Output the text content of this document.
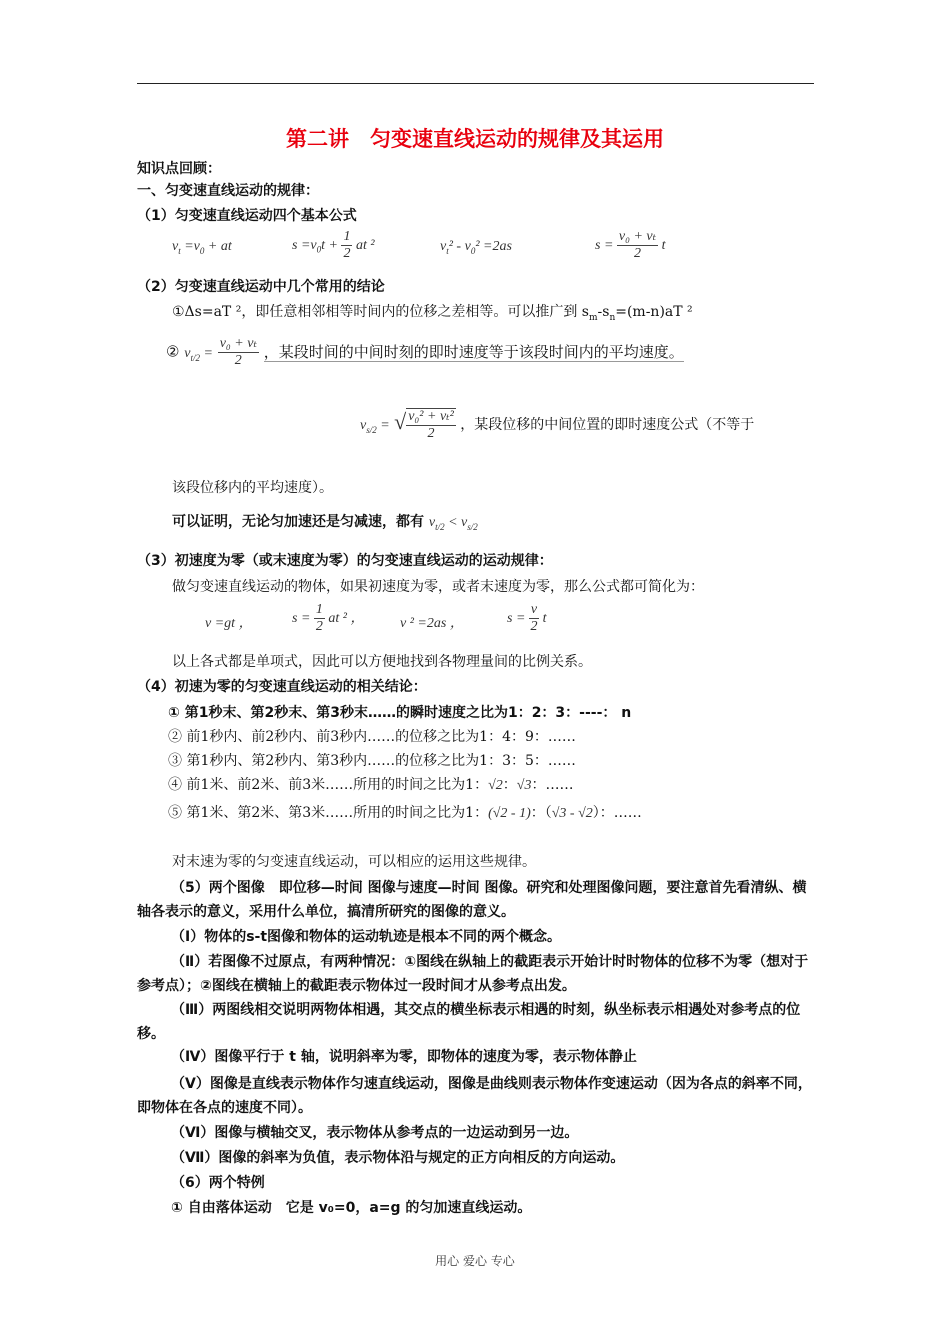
第二讲　匀变速直线运动的规律及其运用
知识点回顾：
一、匀变速直线运动的规律：
（1）匀变速直线运动四个基本公式
$v_t =v_0$ + at	$s =v_0t + \frac{1}{2}$ at ²	$v_t^2 - v_0^2 =2as$	$s = \frac{\text{v₀ + vₜ}}{2}$ t
（2）匀变速直线运动中几个常用的结论
①Δs=aT ²，即任意相邻相等时间内的位移之差相等。可以推广到 $s_m-s_n=(m-n)aT$ ²
② $v_{t/2} = \frac{\text{v₀ + vₜ}}{2}$ ，某段时间的中间时刻的即时速度等于该段时间内的平均速度。
$v_{s/2}$ = √ $\frac{\text{v₀² + vₜ²}}{2}$ ，某段位移的中间位置的即时速度公式（不等于
该段位移内的平均速度）。
可以证明，无论匀加速还是匀减速，都有 $v_{t/2} < v_{s/2}$
（3）初速度为零（或末速度为零）的匀变速直线运动的运动规律：
做匀变速直线运动的物体，如果初速度为零，或者末速度为零，那么公式都可简化为：
v =gt ，	$s = \frac{1}{2}$ at ² ，	v ² =2as ，	$s = \frac{v}{2}$ t
以上各式都是单项式，因此可以方便地找到各物理量间的比例关系。
（4）初速为零的匀变速直线运动的相关结论：
① 第1秒末、第2秒末、第3秒末……的瞬时速度之比为1：2：3：----： n
② 前1秒内、前2秒内、前3秒内……的位移之比为1：4：9：……
③ 第1秒内、第2秒内、第3秒内……的位移之比为1：3：5：……
④ 前1米、前2米、前3米……所用的时间之比为1：√2：√3：……
⑤ 第1米、第2米、第3米……所用的时间之比为1：(√2 - 1)：（√3 - √2）：……
对末速为零的匀变速直线运动，可以相应的运用这些规律。
（5）两个图像　即位移—时间 图像与速度—时间 图像。研究和处理图像问题，要注意首先看清纵、横轴各表示的意义，采用什么单位，搞清所研究的图像的意义。
（Ⅰ）物体的s-t图像和物体的运动轨迹是根本不同的两个概念。
（Ⅱ）若图像不过原点，有两种情况：①图线在纵轴上的截距表示开始计时时物体的位移不为零（想对于参考点）；②图线在横轴上的截距表示物体过一段时间才从参考点出发。
（Ⅲ）两图线相交说明两物体相遇，其交点的横坐标表示相遇的时刻，纵坐标表示相遇处对参考点的位移。
（Ⅳ）图像平行于 t 轴，说明斜率为零，即物体的速度为零，表示物体静止
（Ⅴ）图像是直线表示物体作匀速直线运动，图像是曲线则表示物体作变速运动（因为各点的斜率不同，即物体在各点的速度不同）。
（Ⅵ）图像与横轴交叉，表示物体从参考点的一边运动到另一边。
（Ⅶ）图像的斜率为负值，表示物体沿与规定的正方向相反的方向运动。
（6）两个特例
① 自由落体运动　它是 v₀=0，a=g 的匀加速直线运动。
用心 爱心 专心
